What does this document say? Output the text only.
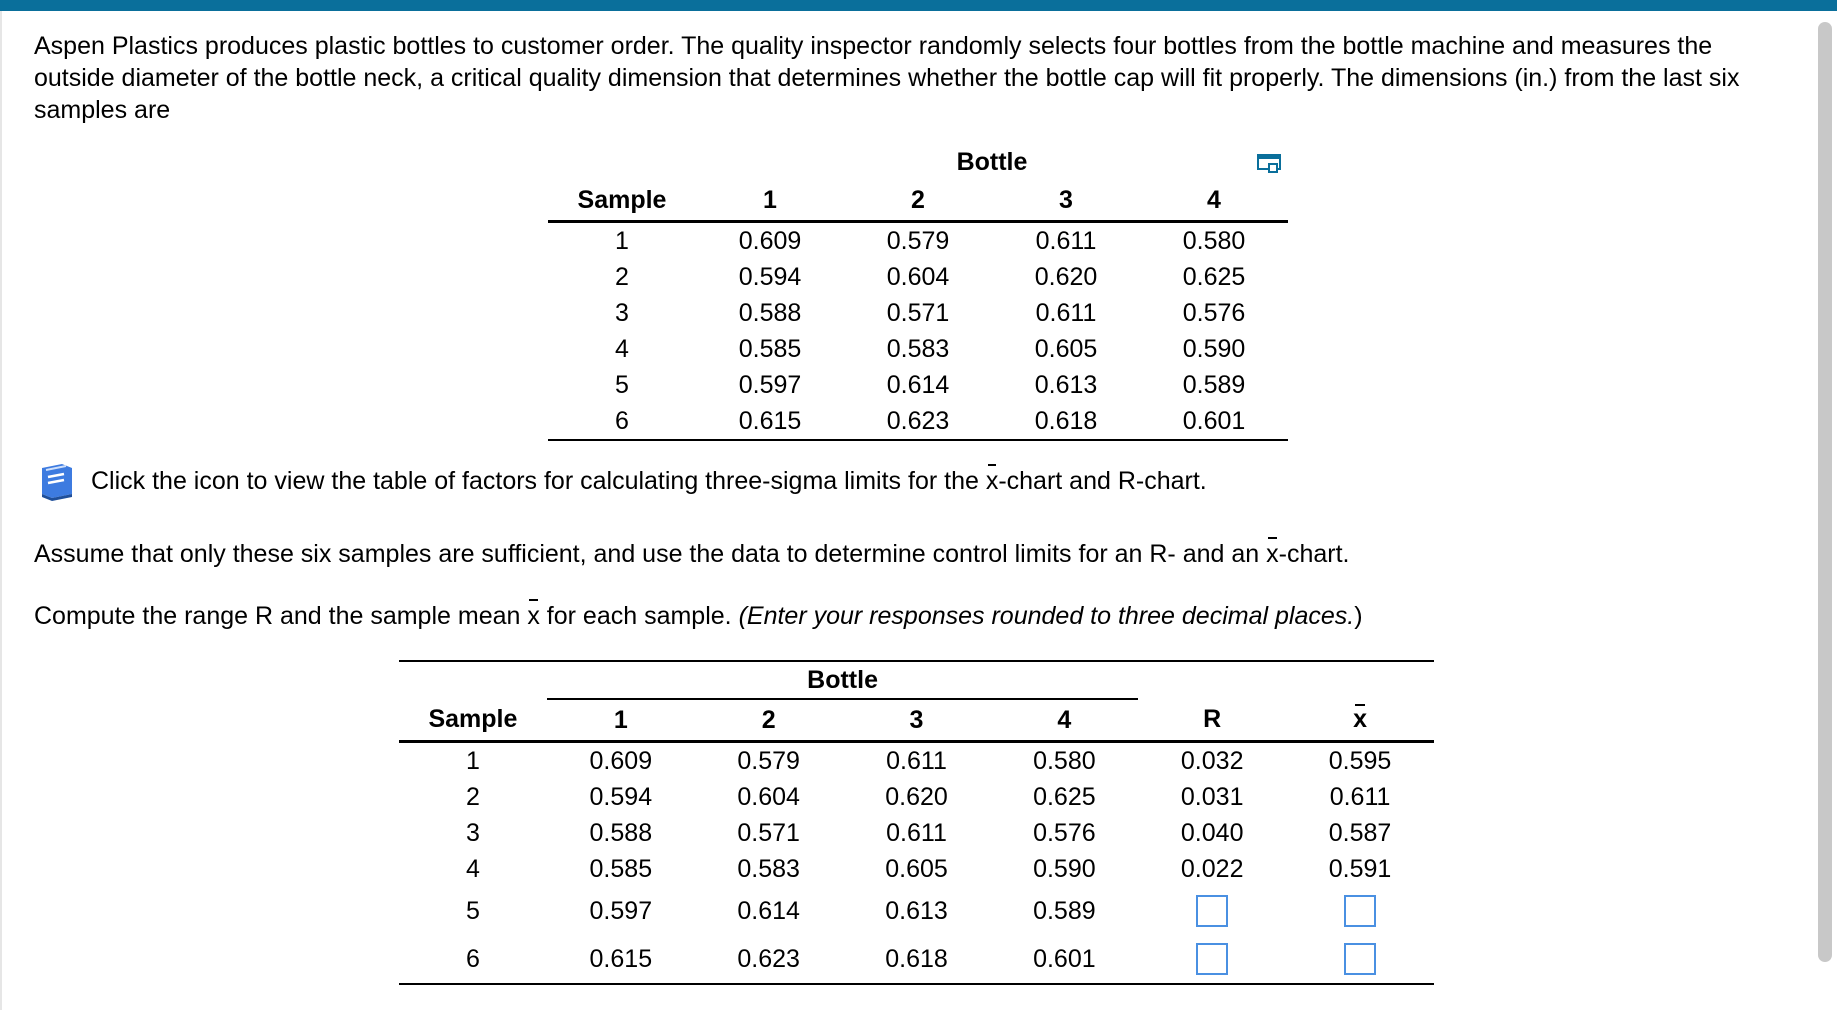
Aspen Plastics produces plastic bottles to customer order. The quality inspector randomly selects four bottles from the bottle machine and measures the outside diameter of the bottle neck, a critical quality dimension that determines whether the bottle cap will fit properly. The dimensions (in.) from the last six samples are

	Bottle			
Sample	1	2	3	4
1	0.609	0.579	0.611	0.580
2	0.594	0.604	0.620	0.625
3	0.588	0.571	0.611	0.576
4	0.585	0.583	0.605	0.590
5	0.597	0.614	0.613	0.589
6	0.615	0.623	0.618	0.601

Click the icon to view the table of factors for calculating three-sigma limits for the x-chart and R-chart.

Assume that only these six samples are sufficient, and use the data to determine control limits for an R- and an x-chart.

Compute the range R and the sample mean x for each sample. (Enter your responses rounded to three decimal places.)

	Bottle					
Sample	1	2	3	4	R	x
1	0.609	0.579	0.611	0.580	0.032	0.595
2	0.594	0.604	0.620	0.625	0.031	0.611
3	0.588	0.571	0.611	0.576	0.040	0.587
4	0.585	0.583	0.605	0.590	0.022	0.591
5	0.597	0.614	0.613	0.589		
6	0.615	0.623	0.618	0.601		
